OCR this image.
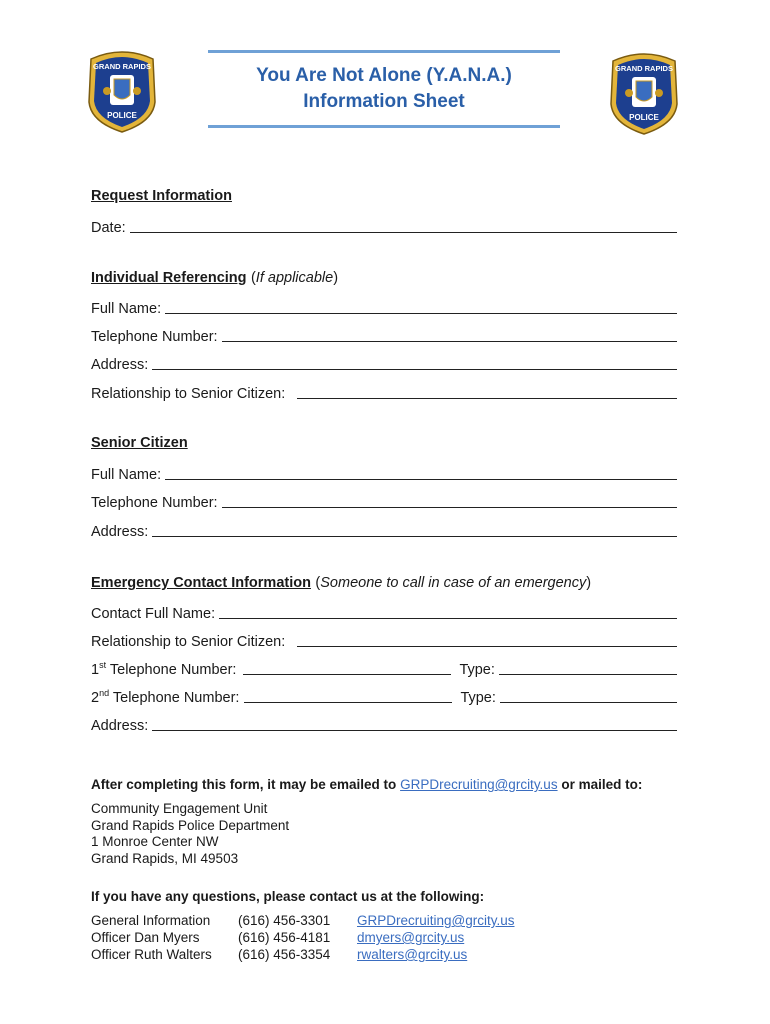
GRAND RAPIDS
POLICE
GRAND RAPIDS
POLICE
You Are Not Alone (Y.A.N.A.)
Information Sheet
Request Information
Date:
Individual Referencing (If applicable)
Full Name:
Telephone Number:
Address:
Relationship to Senior Citizen:
Senior Citizen
Full Name:
Telephone Number:
Address:
Emergency Contact Information (Someone to call in case of an emergency)
Contact Full Name:
Relationship to Senior Citizen:
1st Telephone Number:	Type:
2nd Telephone Number:	Type:
Address:
After completing this form, it may be emailed to GRPDrecruiting@grcity.us or mailed to:
Community Engagement Unit
Grand Rapids Police Department
1 Monroe Center NW
Grand Rapids, MI 49503
If you have any questions, please contact us at the following:
General Information	(616) 456-3301	GRPDrecruiting@grcity.us
Officer Dan Myers	(616) 456-4181	dmyers@grcity.us
Officer Ruth Walters	(616) 456-3354	rwalters@grcity.us
